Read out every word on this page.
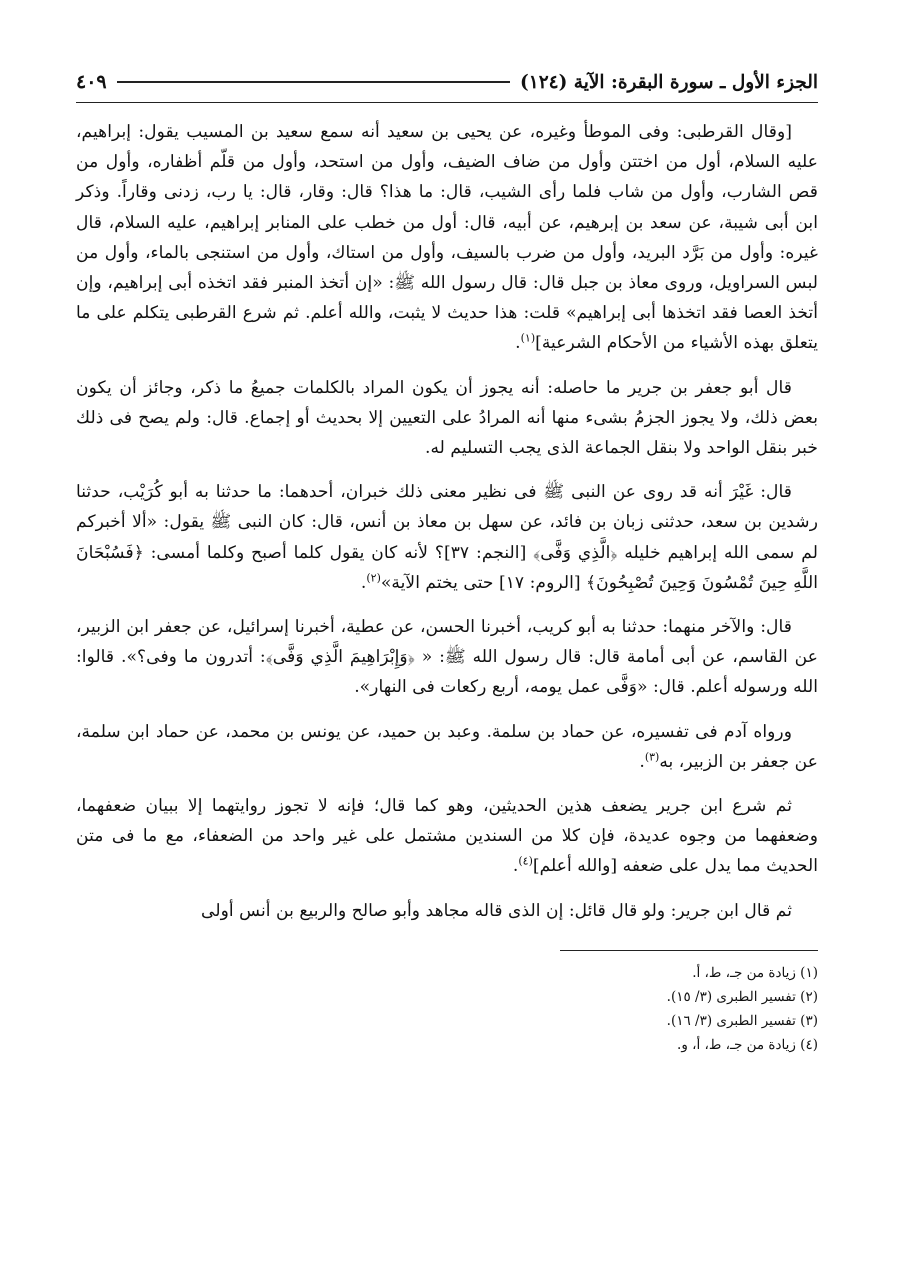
الجزء الأول ـ سورة البقرة: الآية (١٢٤)
٤٠٩

[وقال القرطبى: وفى الموطأ وغيره، عن يحيى بن سعيد أنه سمع سعيد بن المسيب يقول: إبراهيم، عليه السلام، أول من اختتن وأول من ضاف الضيف، وأول من استحد، وأول من قلّم أظفاره، وأول من قص الشارب، وأول من شاب فلما رأى الشيب، قال: ما هذا؟ قال: وقار، قال: يا رب، زدنى وقاراً. وذكر ابن أبى شيبة، عن سعد بن إبرهيم، عن أبيه، قال: أول من خطب على المنابر إبراهيم، عليه السلام، قال غيره: وأول من بَرَّد البريد، وأول من ضرب بالسيف، وأول من استاك، وأول من استنجى بالماء، وأول من لبس السراويل، وروى معاذ بن جبل قال: قال رسول الله ﷺ: «إن أتخذ المنبر فقد اتخذه أبى إبراهيم، وإن أتخذ العصا فقد اتخذها أبى إبراهيم» قلت: هذا حديث لا يثبت، والله أعلم. ثم شرع القرطبى يتكلم على ما يتعلق بهذه الأشياء من الأحكام الشرعية]$^{(١)}$.

قال أبو جعفر بن جرير ما حاصله: أنه يجوز أن يكون المراد بالكلمات جميعُ ما ذكر، وجائز أن يكون بعض ذلك، ولا يجوز الجزمُ بشىء منها أنه المرادُ على التعيين إلا بحديث أو إجماع. قال: ولم يصح فى ذلك خبر بنقل الواحد ولا بنقل الجماعة الذى يجب التسليم له.

قال: غَيْرَ أنه قد روى عن النبى ﷺ فى نظير معنى ذلك خبران، أحدهما: ما حدثنا به أبو كُرَيْب، حدثنا رشدين بن سعد، حدثنى زبان بن فائد، عن سهل بن معاذ بن أنس، قال: كان النبى ﷺ يقول: «ألا أخبركم لم سمى الله إبراهيم خليله ﴿الَّذِي وَفَّى﴾ [النجم: ٣٧]؟ لأنه كان يقول كلما أصبح وكلما أمسى: ﴿فَسُبْحَانَ اللَّهِ حِينَ تُمْسُونَ وَحِينَ تُصْبِحُونَ﴾ [الروم: ١٧] حتى يختم الآية»$^{(٢)}$.

قال: والآخر منهما: حدثنا به أبو كريب، أخبرنا الحسن، عن عطية، أخبرنا إسرائيل، عن جعفر ابن الزبير، عن القاسم، عن أبى أمامة قال: قال رسول الله ﷺ: « ﴿وَإِبْرَاهِيمَ الَّذِي وَفَّى﴾: أتدرون ما وفى؟». قالوا: الله ورسوله أعلم. قال: «وَفَّى عمل يومه، أربع ركعات فى النهار».

ورواه آدم فى تفسيره، عن حماد بن سلمة. وعبد بن حميد، عن يونس بن محمد، عن حماد ابن سلمة، عن جعفر بن الزبير، به$^{(٣)}$.

ثم شرع ابن جرير يضعف هذين الحديثين، وهو كما قال؛ فإنه لا تجوز روايتهما إلا ببيان ضعفهما، وضعفهما من وجوه عديدة، فإن كلا من السندين مشتمل على غير واحد من الضعفاء، مع ما فى متن الحديث مما يدل على ضعفه [والله أعلم]$^{(٤)}$.

ثم قال ابن جرير: ولو قال قائل: إن الذى قاله مجاهد وأبو صالح والربيع بن أنس أولى

(١) زيادة من جـ، ط، أ.
(٢) تفسير الطبرى (٣/ ١٥).
(٣) تفسير الطبرى (٣/ ١٦).
(٤) زيادة من جـ، ط، أ، و.
